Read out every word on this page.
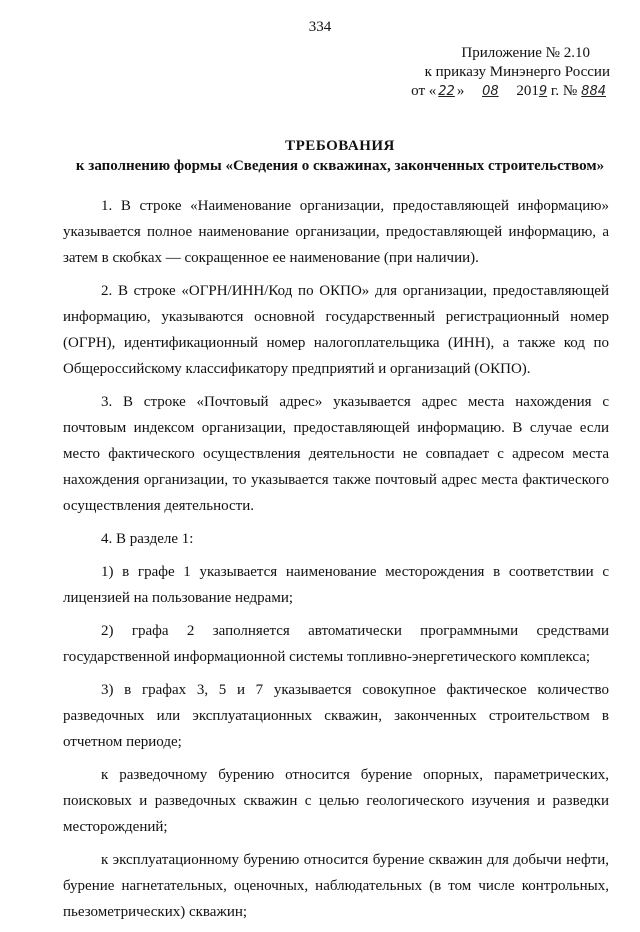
334
Приложение № 2.10
к приказу Минэнерго России
от « 22 » 08 2019 г. № 884
ТРЕБОВАНИЯ
к заполнению формы «Сведения о скважинах, законченных строительством»

1. В строке «Наименование организации, предоставляющей информацию» указывается полное наименование организации, предоставляющей информацию, а затем в скобках — сокращенное ее наименование (при наличии).

2. В строке «ОГРН/ИНН/Код по ОКПО» для организации, предоставляющей информацию, указываются основной государственный регистрационный номер (ОГРН), идентификационный номер налогоплательщика (ИНН), а также код по Общероссийскому классификатору предприятий и организаций (ОКПО).

3. В строке «Почтовый адрес» указывается адрес места нахождения с почтовым индексом организации, предоставляющей информацию. В случае если место фактического осуществления деятельности не совпадает с адресом места нахождения организации, то указывается также почтовый адрес места фактического осуществления деятельности.

4. В разделе 1:

1) в графе 1 указывается наименование месторождения в соответствии с лицензией на пользование недрами;

2) графа 2 заполняется автоматически программными средствами государственной информационной системы топливно-энергетического комплекса;

3) в графах 3, 5 и 7 указывается совокупное фактическое количество разведочных или эксплуатационных скважин, законченных строительством в отчетном периоде;

к разведочному бурению относится бурение опорных, параметрических, поисковых и разведочных скважин с целью геологического изучения и разведки месторождений;

к эксплуатационному бурению относится бурение скважин для добычи нефти, бурение нагнетательных, оценочных, наблюдательных (в том числе контрольных, пьезометрических) скважин;
